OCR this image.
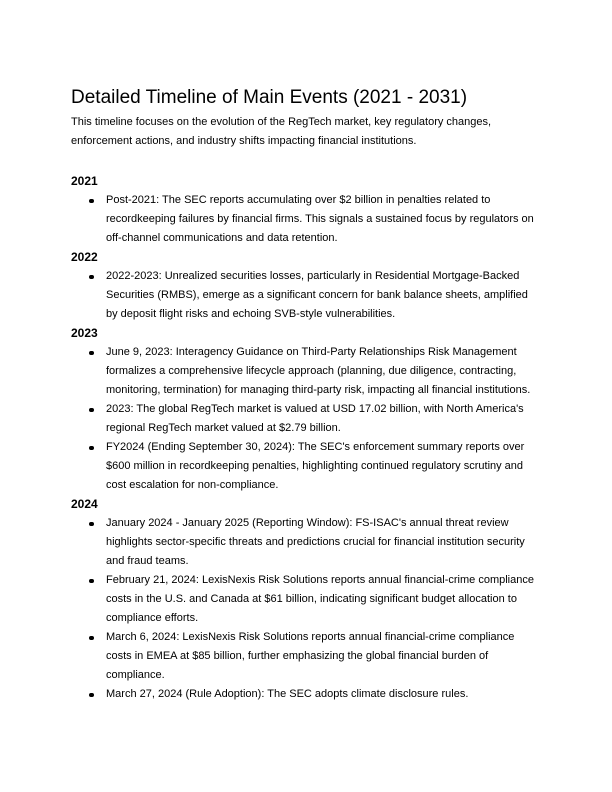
Detailed Timeline of Main Events (2021 - 2031)

This timeline focuses on the evolution of the RegTech market, key regulatory changes, enforcement actions, and industry shifts impacting financial institutions.

2021
Post-2021: The SEC reports accumulating over $2 billion in penalties related to recordkeeping failures by financial firms. This signals a sustained focus by regulators on off-channel communications and data retention.
2022
2022-2023: Unrealized securities losses, particularly in Residential Mortgage-Backed Securities (RMBS), emerge as a significant concern for bank balance sheets, amplified by deposit flight risks and echoing SVB-style vulnerabilities.
2023
June 9, 2023: Interagency Guidance on Third-Party Relationships Risk Management formalizes a comprehensive lifecycle approach (planning, due diligence, contracting, monitoring, termination) for managing third-party risk, impacting all financial institutions.
2023: The global RegTech market is valued at USD 17.02 billion, with North America's regional RegTech market valued at $2.79 billion.
FY2024 (Ending September 30, 2024): The SEC's enforcement summary reports over $600 million in recordkeeping penalties, highlighting continued regulatory scrutiny and cost escalation for non-compliance.
2024
January 2024 - January 2025 (Reporting Window): FS-ISAC's annual threat review highlights sector-specific threats and predictions crucial for financial institution security and fraud teams.
February 21, 2024: LexisNexis Risk Solutions reports annual financial-crime compliance costs in the U.S. and Canada at $61 billion, indicating significant budget allocation to compliance efforts.
March 6, 2024: LexisNexis Risk Solutions reports annual financial-crime compliance costs in EMEA at $85 billion, further emphasizing the global financial burden of compliance.
March 27, 2024 (Rule Adoption): The SEC adopts climate disclosure rules.
